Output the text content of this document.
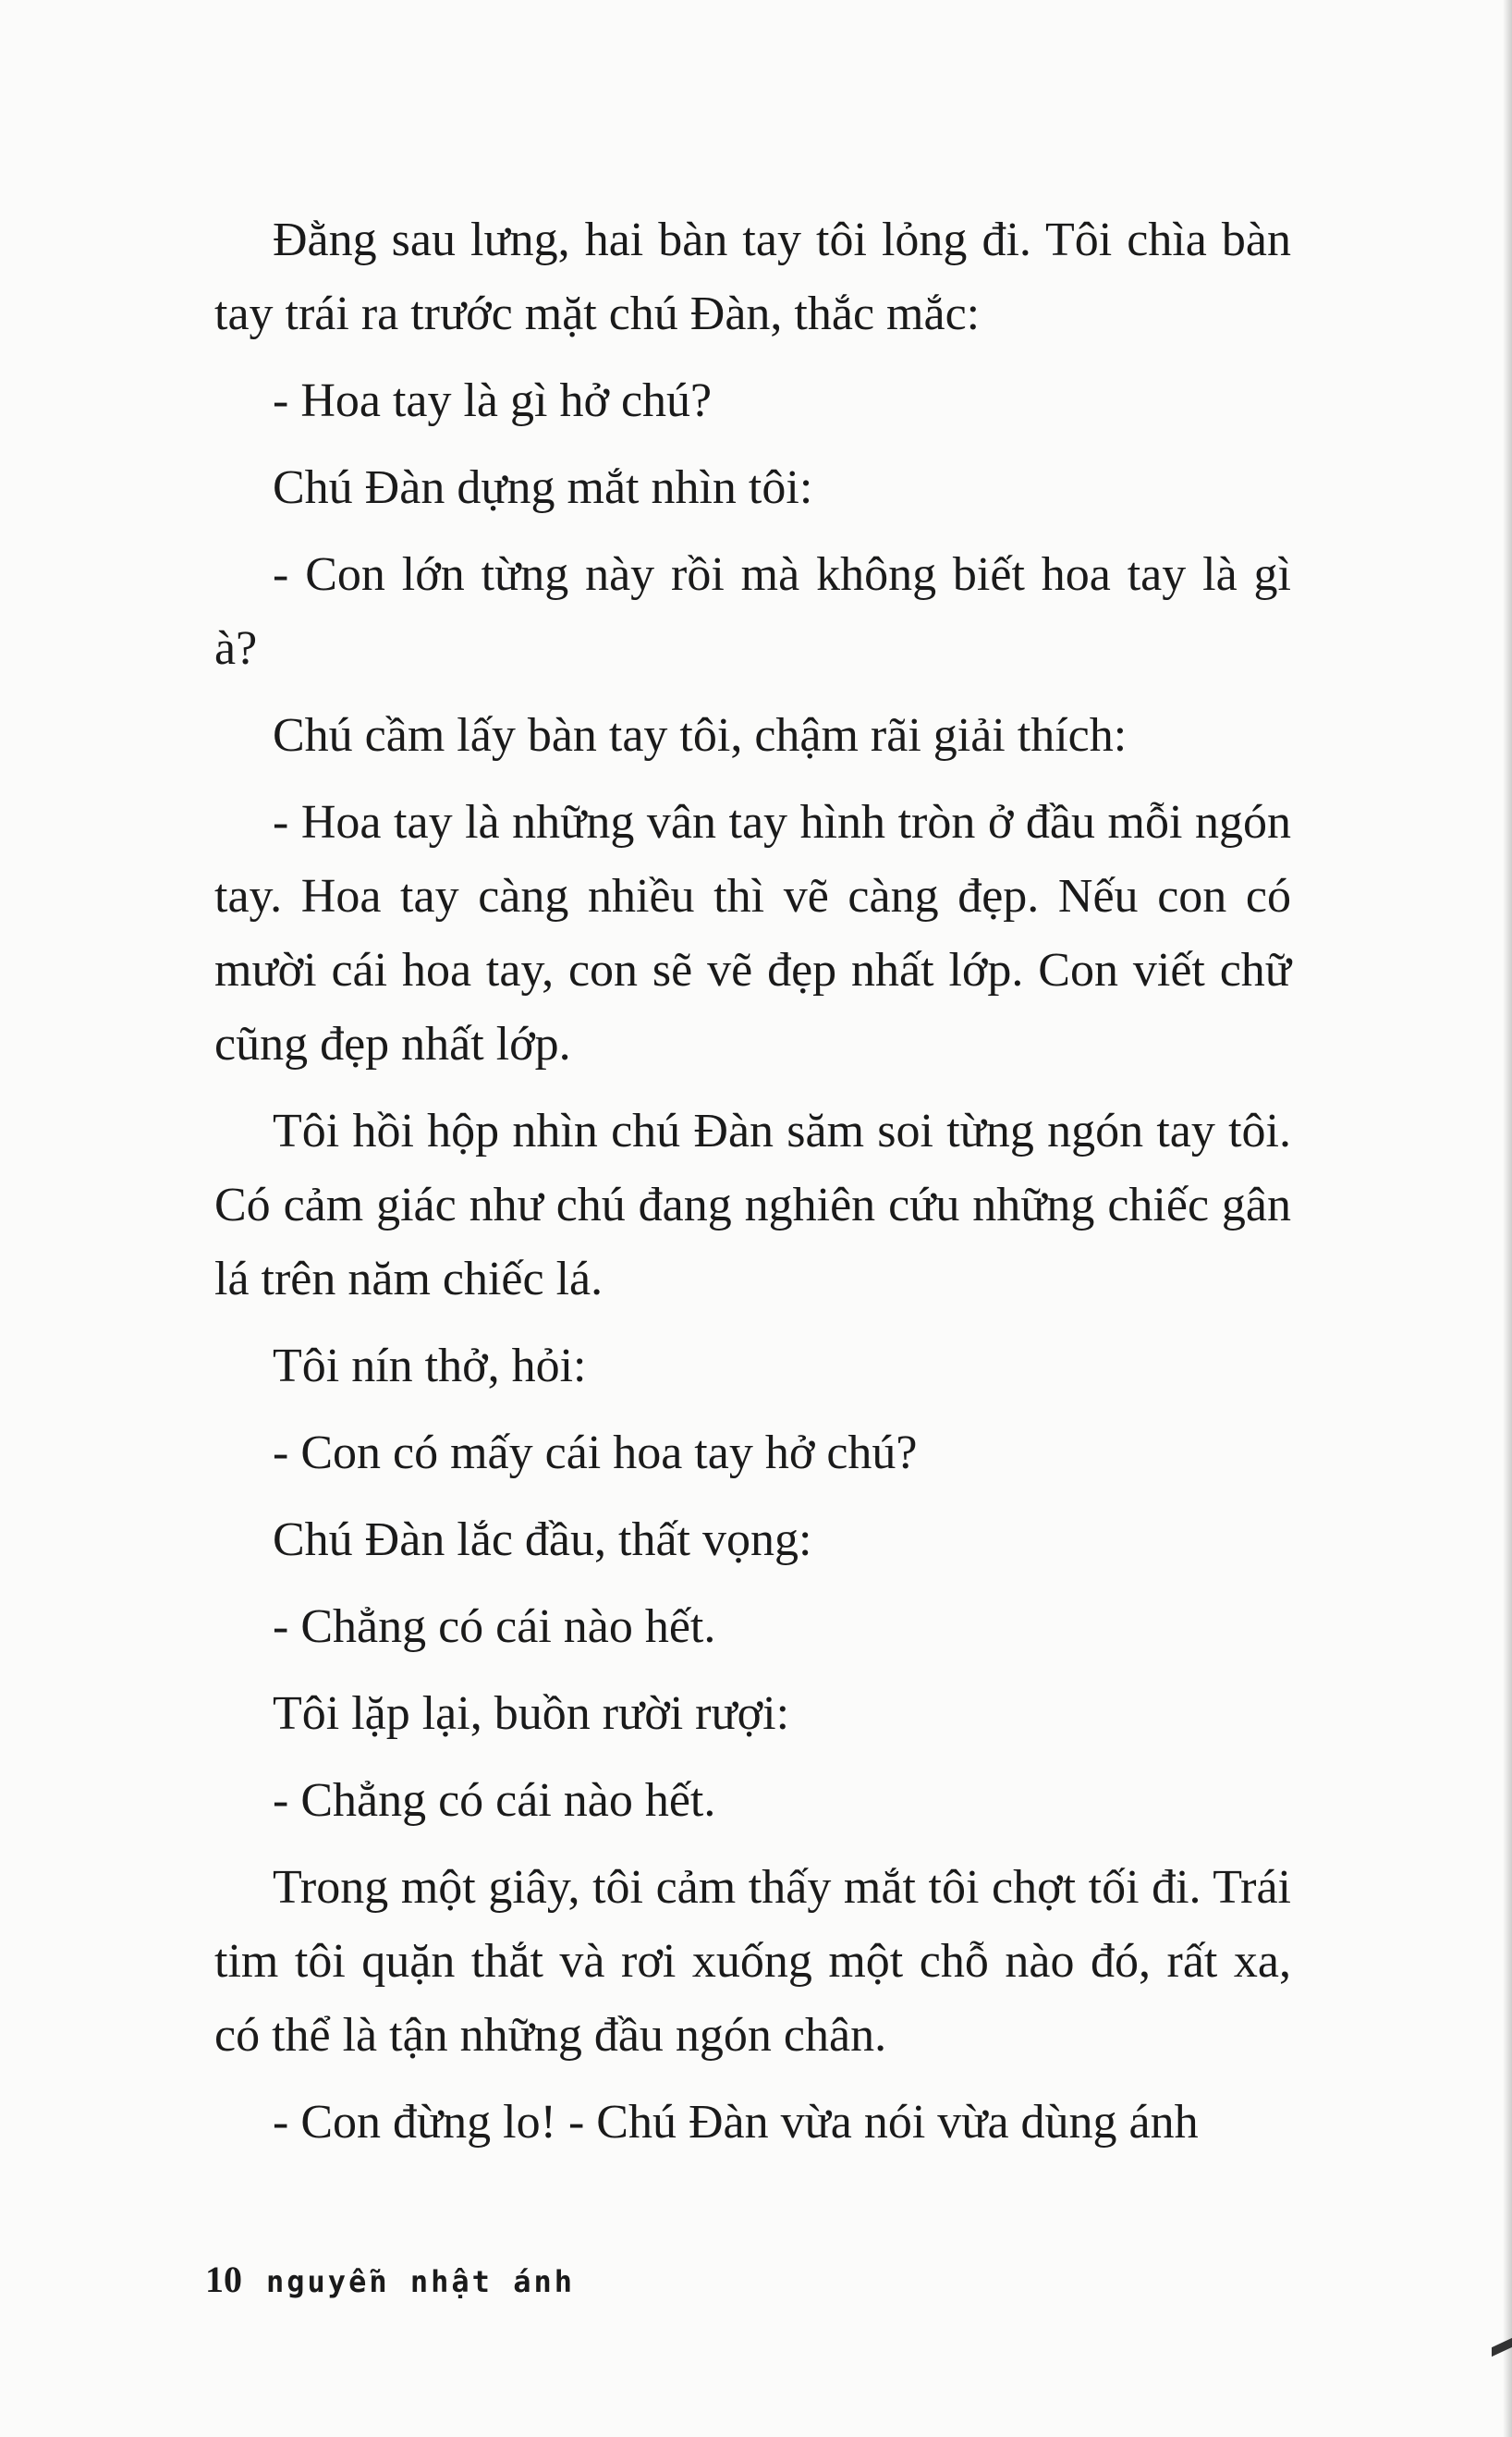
Đằng sau lưng, hai bàn tay tôi lỏng đi. Tôi chìa bàn tay trái ra trước mặt chú Đàn, thắc mắc:

- Hoa tay là gì hở chú?

Chú Đàn dựng mắt nhìn tôi:

- Con lớn từng này rồi mà không biết hoa tay là gì à?

Chú cầm lấy bàn tay tôi, chậm rãi giải thích:

- Hoa tay là những vân tay hình tròn ở đầu mỗi ngón tay. Hoa tay càng nhiều thì vẽ càng đẹp. Nếu con có mười cái hoa tay, con sẽ vẽ đẹp nhất lớp. Con viết chữ cũng đẹp nhất lớp.

Tôi hồi hộp nhìn chú Đàn săm soi từng ngón tay tôi. Có cảm giác như chú đang nghiên cứu những chiếc gân lá trên năm chiếc lá.

Tôi nín thở, hỏi:

- Con có mấy cái hoa tay hở chú?

Chú Đàn lắc đầu, thất vọng:

- Chẳng có cái nào hết.

Tôi lặp lại, buồn rười rượi:

- Chẳng có cái nào hết.

Trong một giây, tôi cảm thấy mắt tôi chợt tối đi. Trái tim tôi quặn thắt và rơi xuống một chỗ nào đó, rất xa, có thể là tận những đầu ngón chân.

- Con đừng lo! - Chú Đàn vừa nói vừa dùng ánh

10 nguyễn nhật ánh
